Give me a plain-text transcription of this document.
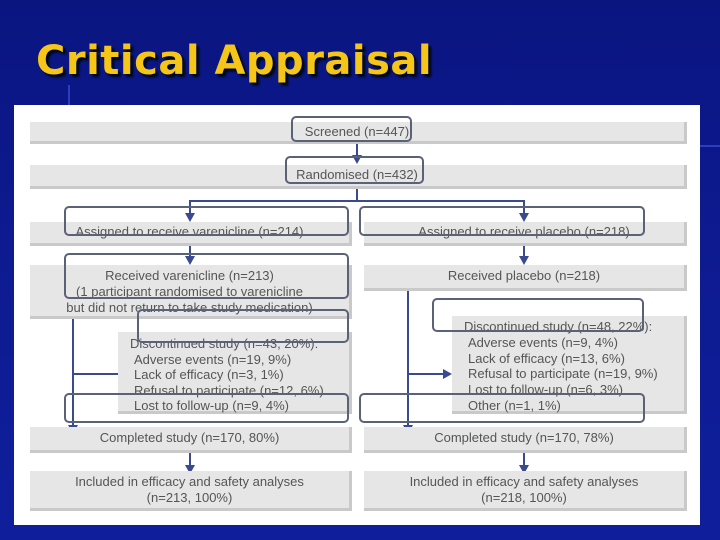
Critical Appraisal
Screened (n=447)
Randomised (n=432)
Assigned to receive varenicline (n=214)	Assigned to receive placebo (n=218)
Received varenicline (n=213)
(1 participant randomised to varenicline
but did not return to take study medication)
Received placebo (n=218)
Discontinued study (n=43, 20%):
Adverse events (n=19, 9%)
Lack of efficacy (n=3, 1%)
Refusal to participate (n=12, 6%)
Lost to follow-up (n=9, 4%)
Discontinued study (n=48, 22%):
Adverse events (n=9, 4%)
Lack of efficacy (n=13, 6%)
Refusal to participate (n=19, 9%)
Lost to follow-up (n=6, 3%)
Other (n=1, 1%)
Completed study (n=170, 80%)	Completed study (n=170, 78%)
Included in efficacy and safety analyses
(n=213, 100%)
Included in efficacy and safety analyses
(n=218, 100%)
